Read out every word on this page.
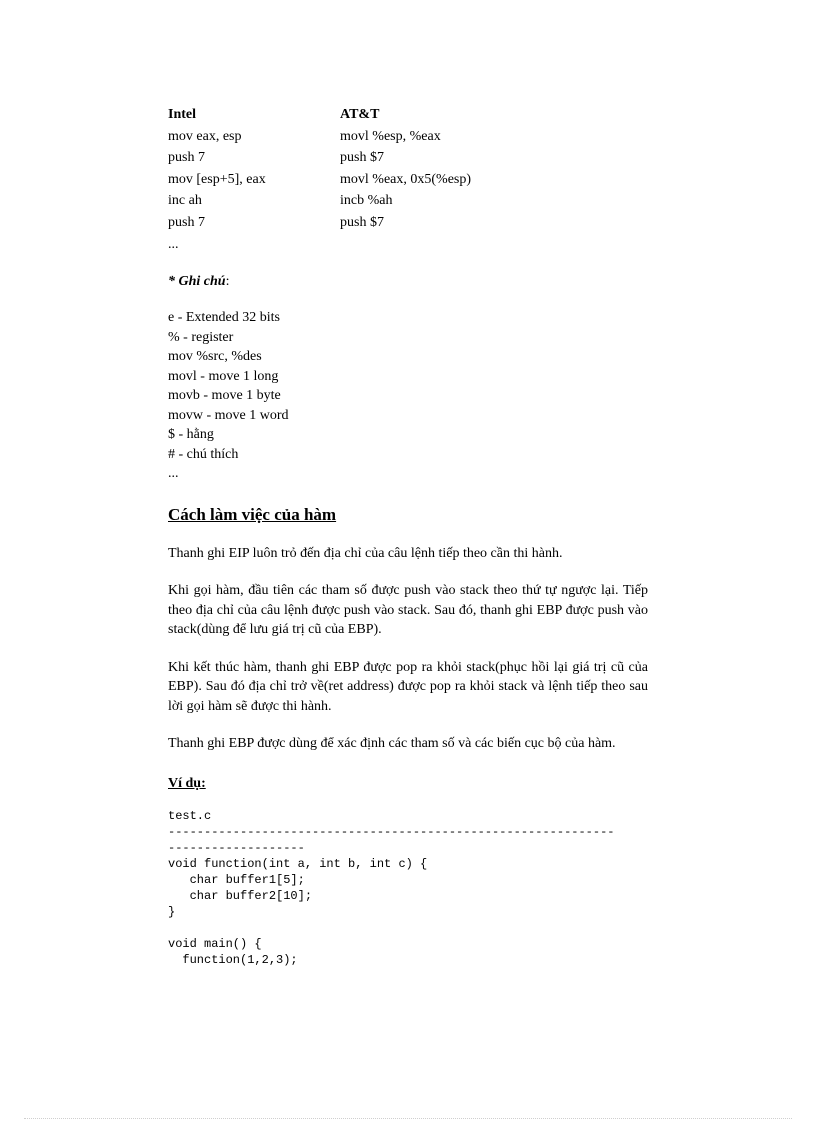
Intel	AT&T
mov eax, esp	movl %esp, %eax
push 7	push $7
mov [esp+5], eax	movl %eax, 0x5(%esp)
inc ah	incb %ah
push 7	push $7
...
* Ghi chú:
e - Extended 32 bits
% - register
mov %src, %des
movl - move 1 long
movb - move 1 byte
movw - move 1 word
$ - hằng
# - chú thích
...
Cách làm việc của hàm

Thanh ghi EIP luôn trỏ đến địa chỉ của câu lệnh tiếp theo cần thi hành.

Khi gọi hàm, đầu tiên các tham số được push vào stack theo thứ tự ngược lại. Tiếp theo địa chỉ của câu lệnh được push vào stack. Sau đó, thanh ghi EBP được push vào stack(dùng để lưu giá trị cũ của EBP).

Khi kết thúc hàm, thanh ghi EBP được pop ra khỏi stack(phục hồi lại giá trị cũ của EBP). Sau đó địa chỉ trở về(ret address) được pop ra khỏi stack và lệnh tiếp theo sau lời gọi hàm sẽ được thi hành.

Thanh ghi EBP được dùng để xác định các tham số và các biến cục bộ của hàm.

Ví dụ:
test.c
--------------------------------------------------------------
-------------------
void function(int a, int b, int c) {
char buffer1[5];
char buffer2[10];
}

void main() {
function(1,2,3);
